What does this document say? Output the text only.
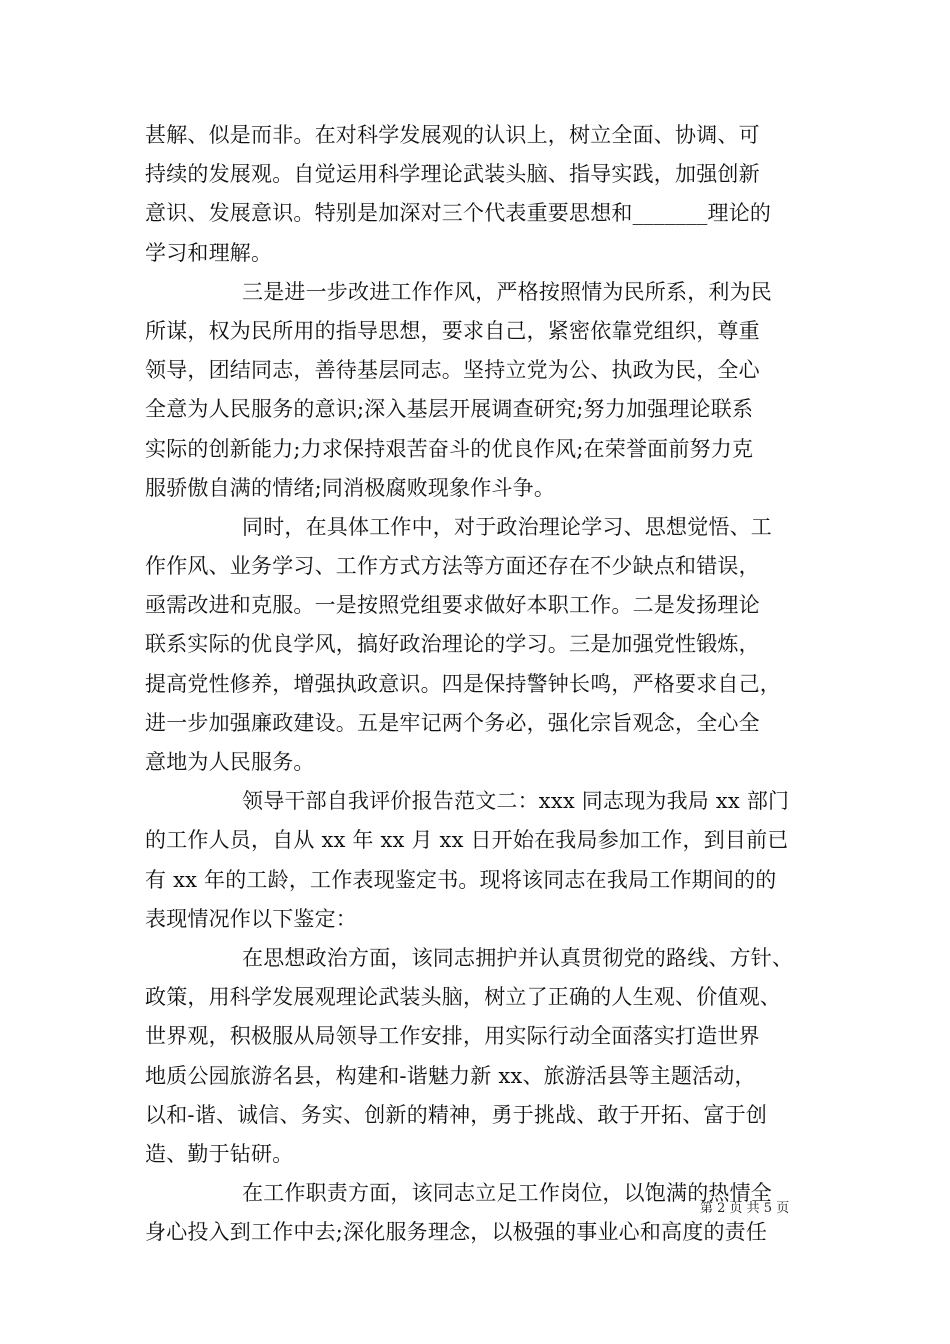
甚解、似是而非。在对科学发展观的认识上，树立全面、协调、可
持续的发展观。自觉运用科学理论武装头脑、指导实践，加强创新
意识、发展意识。特别是加深对三个代表重要思想和_______理论的
学习和理解。
三是进一步改进工作作风，严格按照情为民所系，利为民
所谋，权为民所用的指导思想，要求自己，紧密依靠党组织，尊重
领导，团结同志，善待基层同志。坚持立党为公、执政为民，全心
全意为人民服务的意识;深入基层开展调查研究;努力加强理论联系
实际的创新能力;力求保持艰苦奋斗的优良作风;在荣誉面前努力克
服骄傲自满的情绪;同消极腐败现象作斗争。
同时，在具体工作中，对于政治理论学习、思想觉悟、工
作作风、业务学习、工作方式方法等方面还存在不少缺点和错误，
亟需改进和克服。一是按照党组要求做好本职工作。二是发扬理论
联系实际的优良学风，搞好政治理论的学习。三是加强党性锻炼，
提高党性修养，增强执政意识。四是保持警钟长鸣，严格要求自己，
进一步加强廉政建设。五是牢记两个务必，强化宗旨观念，全心全
意地为人民服务。
领导干部自我评价报告范文二：xxx 同志现为我局 xx 部门
的工作人员，自从 xx 年 xx 月 xx 日开始在我局参加工作，到目前已
有 xx 年的工龄，工作表现鉴定书。现将该同志在我局工作期间的的
表现情况作以下鉴定：
在思想政治方面，该同志拥护并认真贯彻党的路线、方针、
政策，用科学发展观理论武装头脑，树立了正确的人生观、价值观、
世界观，积极服从局领导工作安排，用实际行动全面落实打造世界
地质公园旅游名县，构建和-谐魅力新 xx、旅游活县等主题活动，
以和-谐、诚信、务实、创新的精神，勇于挑战、敢于开拓、富于创
造、勤于钻研。
在工作职责方面，该同志立足工作岗位，以饱满的热情全
身心投入到工作中去;深化服务理念，以极强的事业心和高度的责任
第 2 页 共 5 页
